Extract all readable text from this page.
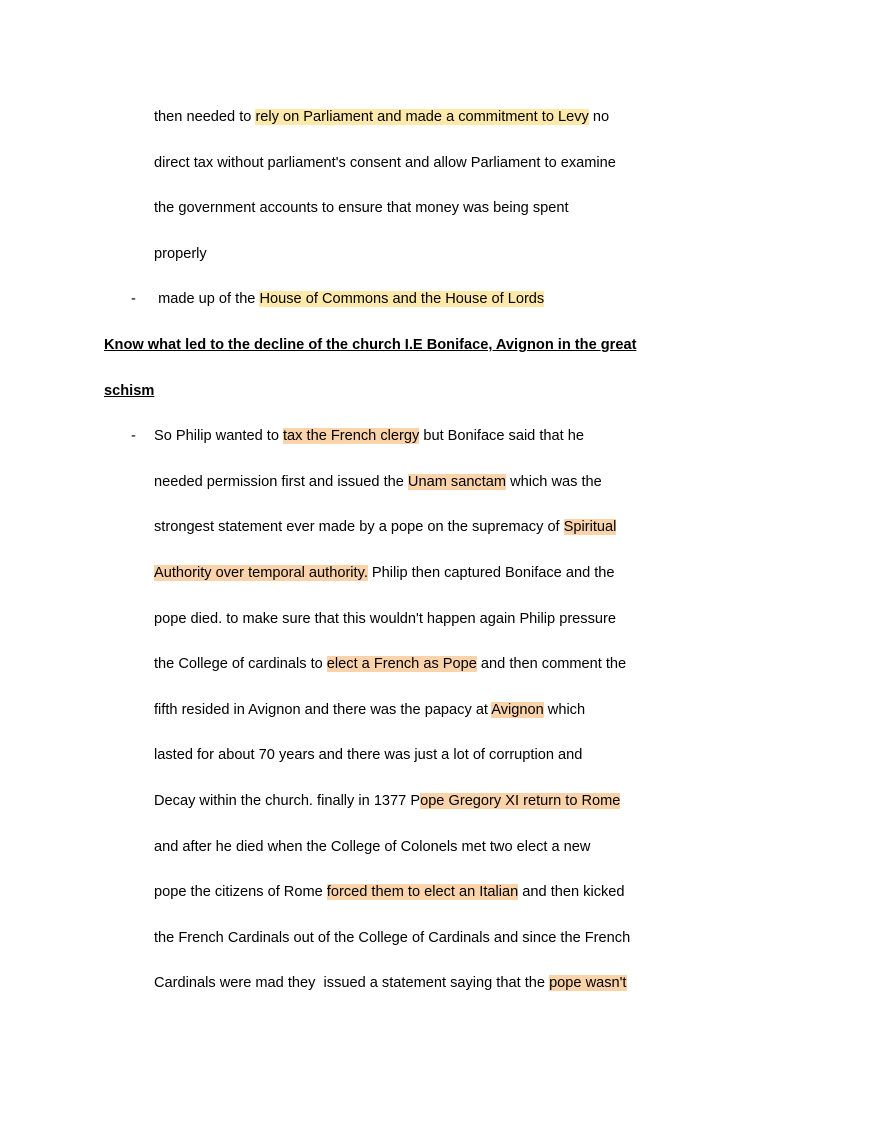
then needed to rely on Parliament and made a commitment to Levy no
direct tax without parliament's consent and allow Parliament to examine
the government accounts to ensure that money was being spent
properly
- made up of the House of Commons and the House of Lords
Know what led to the decline of the church I.E Boniface, Avignon in the great
schism
- So Philip wanted to tax the French clergy but Boniface said that he
needed permission first and issued the Unam sanctam which was the
strongest statement ever made by a pope on the supremacy of Spiritual
Authority over temporal authority. Philip then captured Boniface and the
pope died. to make sure that this wouldn't happen again Philip pressure
the College of cardinals to elect a French as Pope and then comment the
fifth resided in Avignon and there was the papacy at Avignon which
lasted for about 70 years and there was just a lot of corruption and
Decay within the church. finally in 1377 Pope Gregory XI return to Rome
and after he died when the College of Colonels met two elect a new
pope the citizens of Rome forced them to elect an Italian and then kicked
the French Cardinals out of the College of Cardinals and since the French
Cardinals were mad they  issued a statement saying that the pope wasn't
